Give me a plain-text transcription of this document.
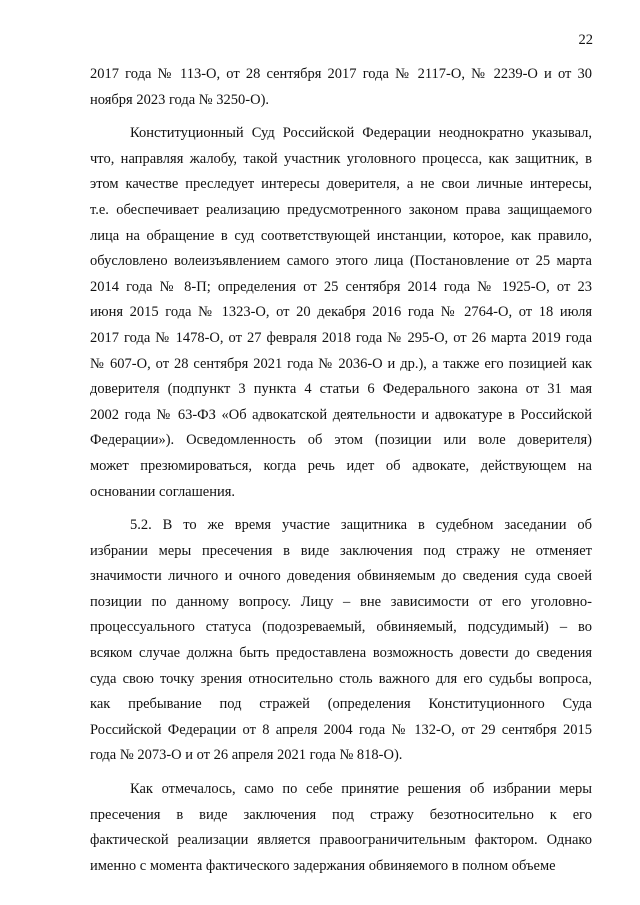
22

2017 года № 113-О, от 28 сентября 2017 года № 2117-О, № 2239-О и от 30
ноября 2023 года № 3250-О).

Конституционный Суд Российской Федерации неоднократно указывал,
что, направляя жалобу, такой участник уголовного процесса, как защитник, в
этом качестве преследует интересы доверителя, а не свои личные интересы,
т.е. обеспечивает реализацию предусмотренного законом права защищаемого
лица на обращение в суд соответствующей инстанции, которое, как правило,
обусловлено волеизъявлением самого этого лица (Постановление от 25 марта
2014 года № 8-П; определения от 25 сентября 2014 года № 1925-О, от 23
июня 2015 года № 1323-О, от 20 декабря 2016 года № 2764-О, от 18 июля
2017 года № 1478-О, от 27 февраля 2018 года № 295-О, от 26 марта 2019 года
№ 607-О, от 28 сентября 2021 года № 2036-О и др.), а также его позицией как
доверителя (подпункт 3 пункта 4 статьи 6 Федерального закона от 31 мая
2002 года № 63-ФЗ «Об адвокатской деятельности и адвокатуре в Российской
Федерации»). Осведомленность об этом (позиции или воле доверителя)
может презюмироваться, когда речь идет об адвокате, действующем на
основании соглашения.

5.2. В то же время участие защитника в судебном заседании об
избрании меры пресечения в виде заключения под стражу не отменяет
значимости личного и очного доведения обвиняемым до сведения суда своей
позиции по данному вопросу. Лицу – вне зависимости от его уголовно-
процессуального статуса (подозреваемый, обвиняемый, подсудимый) – во
всяком случае должна быть предоставлена возможность довести до сведения
суда свою точку зрения относительно столь важного для его судьбы вопроса,
как пребывание под стражей (определения Конституционного Суда
Российской Федерации от 8 апреля 2004 года № 132-О, от 29 сентября 2015
года № 2073-О и от 26 апреля 2021 года № 818-О).

Как отмечалось, само по себе принятие решения об избрании меры
пресечения в виде заключения под стражу безотносительно к его
фактической реализации является правоограничительным фактором. Однако
именно с момента фактического задержания обвиняемого в полном объеме
